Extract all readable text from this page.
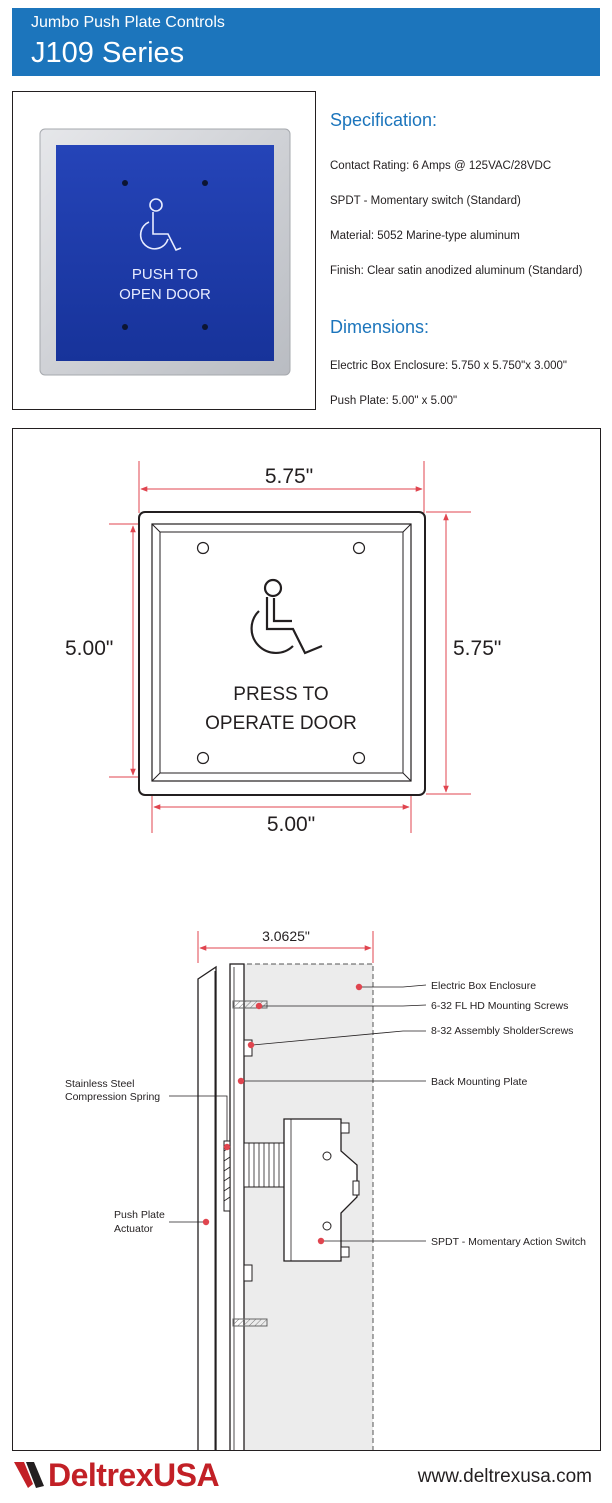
Jumbo Push Plate Controls
J109 Series
PUSH TO
OPEN DOOR
Specification:
Contact Rating: 6 Amps @ 125VAC/28VDC
SPDT - Momentary switch (Standard)
Material: 5052 Marine-type aluminum
Finish: Clear satin anodized aluminum (Standard)
Dimensions:
Electric Box Enclosure: 5.750 x 5.750"x 3.000"
Push Plate: 5.00" x 5.00"
5.75"
5.00"	5.75"
5.00"
PRESS TO
OPERATE DOOR
3.0625"
Electric Box Enclosure
6-32 FL HD Mounting Screws
8-32 Assembly SholderScrews
Back Mounting Plate
Stainless Steel
Compression Spring
Push Plate
Actuator
SPDT - Momentary Action Switch
DeltrexUSA	www.deltrexusa.com
